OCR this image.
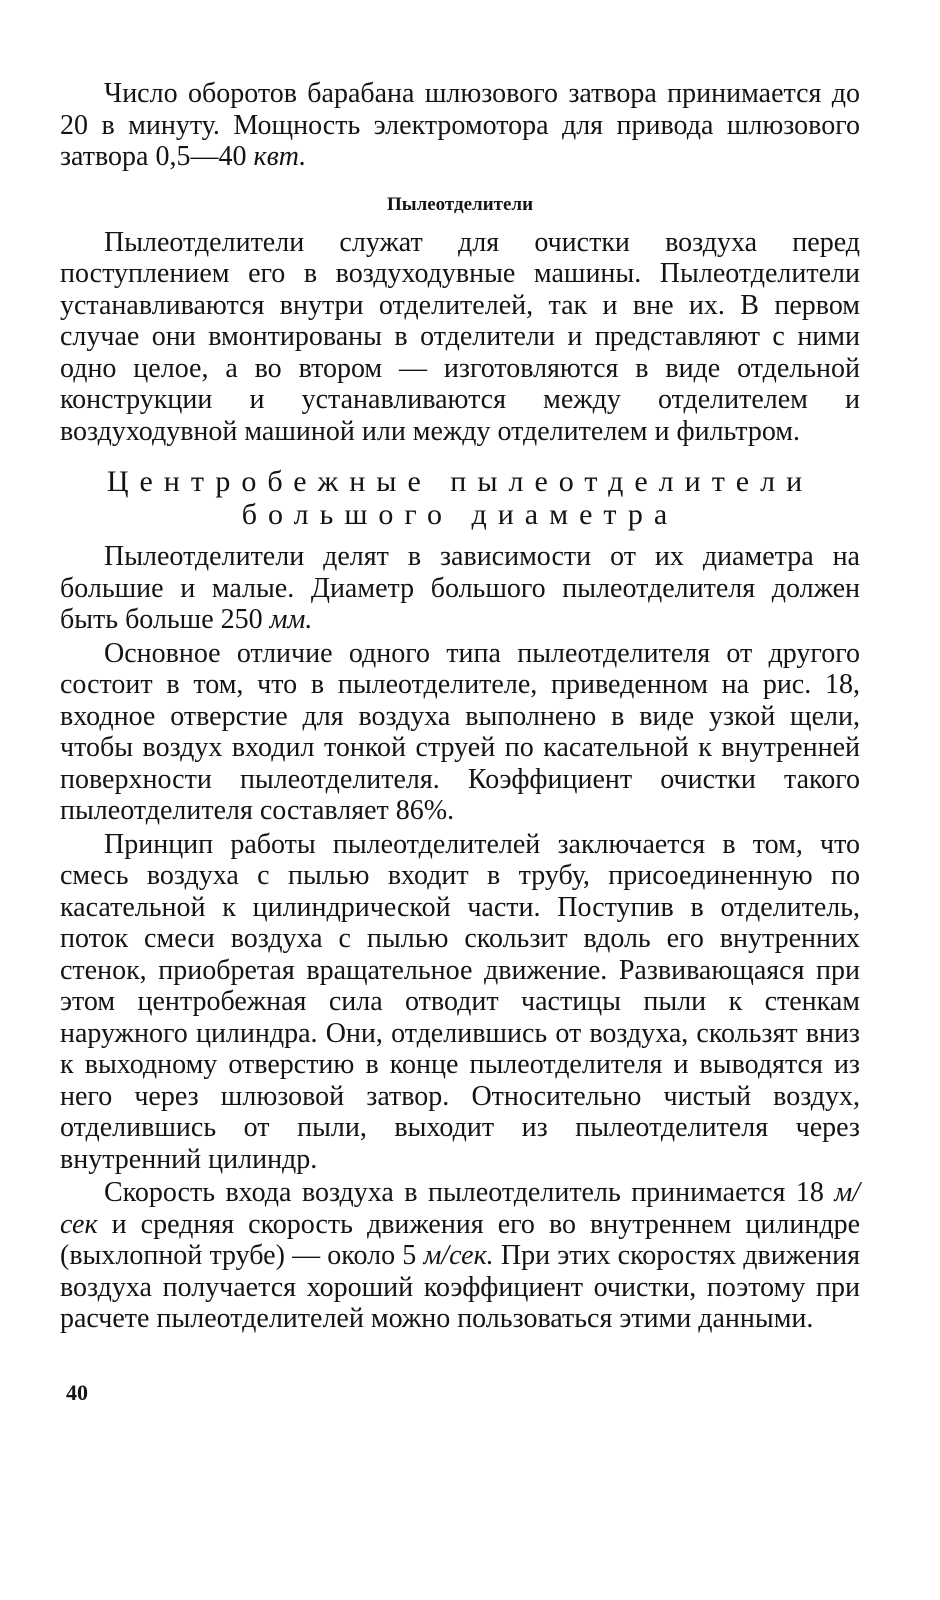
Число оборотов барабана шлюзового затвора принимается до 20 в минуту. Мощность электромотора для привода шлюзового затвора 0,5—40 квт.

Пылеотделители

Пылеотделители служат для очистки воздуха перед поступлением его в воздуходувные машины. Пылеотделители устанавливаются внутри отделителей, так и вне их. В первом случае они вмонтированы в отделители и представляют с ними одно целое, а во втором — изготовляются в виде отдельной конструкции и устанавливаются между отделителем и воздуходувной машиной или между отделителем и фильтром.

Центробежные пылеотделители
большого диаметра

Пылеотделители делят в зависимости от их диаметра на большие и малые. Диаметр большого пылеотделителя должен быть больше 250 мм.

Основное отличие одного типа пылеотделителя от другого состоит в том, что в пылеотделителе, приведенном на рис. 18, входное отверстие для воздуха выполнено в виде узкой щели, чтобы воздух входил тонкой струей по касательной к внутренней поверхности пылеотделителя. Коэффициент очистки такого пылеотделителя составляет 86%.

Принцип работы пылеотделителей заключается в том, что смесь воздуха с пылью входит в трубу, присоединенную по касательной к цилиндрической части. Поступив в отделитель, поток смеси воздуха с пылью скользит вдоль его внутренних стенок, приобретая вращательное движение. Развивающаяся при этом центробежная сила отводит частицы пыли к стенкам наружного цилиндра. Они, отделившись от воздуха, скользят вниз к выходному отверстию в конце пылеотделителя и выводятся из него через шлюзовой затвор. Относительно чистый воздух, отделившись от пыли, выходит из пылеотделителя через внутренний цилиндр.

Скорость входа воздуха в пылеотделитель принимается 18 м/сек и средняя скорость движения его во внутреннем цилиндре (выхлопной трубе) — около 5 м/сек. При этих скоростях движения воздуха получается хороший коэффициент очистки, поэтому при расчете пылеотделителей можно пользоваться этими данными.

40
